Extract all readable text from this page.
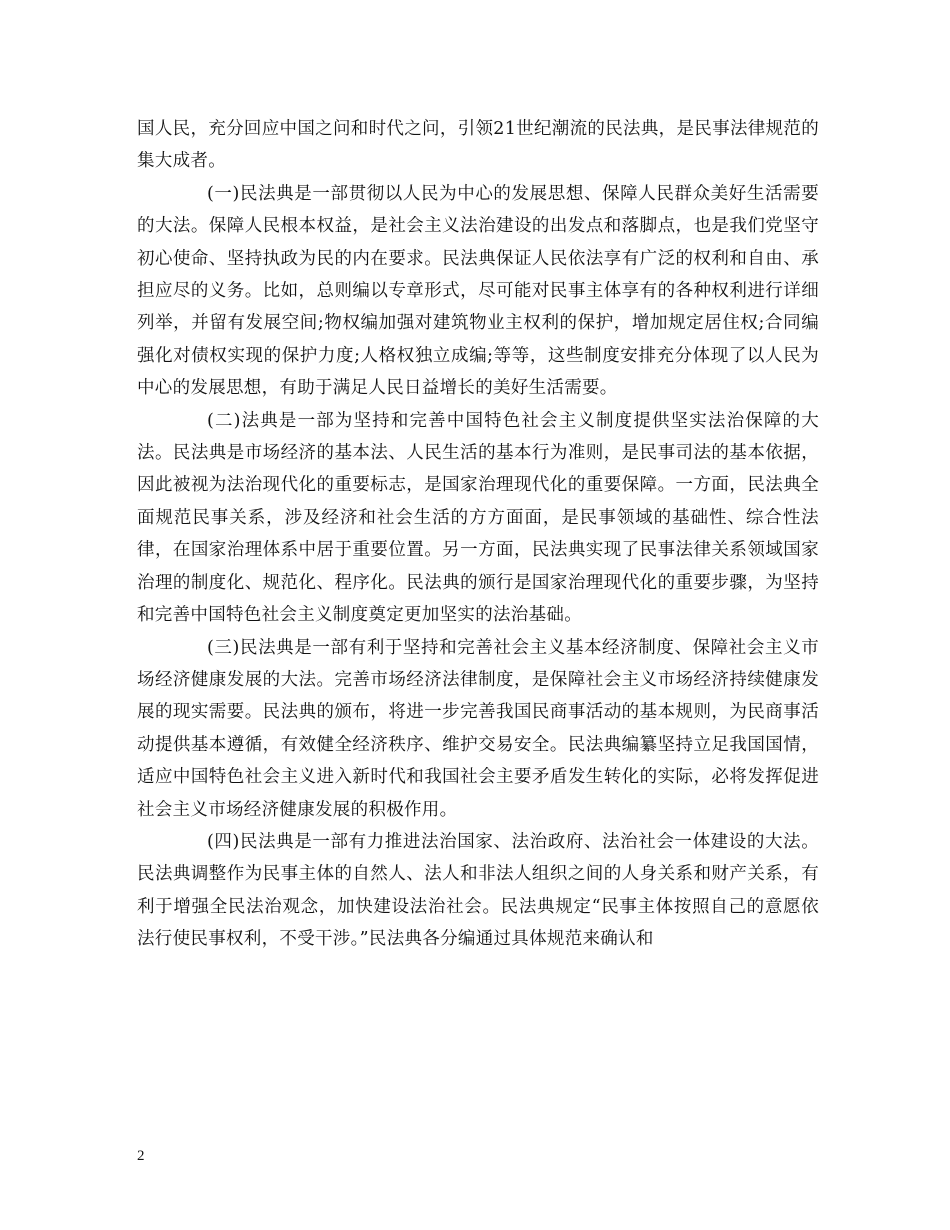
国人民，充分回应中国之问和时代之问，引领21世纪潮流的民法典，是民事法律规范的集大成者。

(一)民法典是一部贯彻以人民为中心的发展思想、保障人民群众美好生活需要的大法。保障人民根本权益，是社会主义法治建设的出发点和落脚点，也是我们党坚守初心使命、坚持执政为民的内在要求。民法典保证人民依法享有广泛的权利和自由、承担应尽的义务。比如，总则编以专章形式，尽可能对民事主体享有的各种权利进行详细列举，并留有发展空间;物权编加强对建筑物业主权利的保护，增加规定居住权;合同编强化对债权实现的保护力度;人格权独立成编;等等，这些制度安排充分体现了以人民为中心的发展思想，有助于满足人民日益增长的美好生活需要。

(二)法典是一部为坚持和完善中国特色社会主义制度提供坚实法治保障的大法。民法典是市场经济的基本法、人民生活的基本行为准则，是民事司法的基本依据，因此被视为法治现代化的重要标志，是国家治理现代化的重要保障。一方面，民法典全面规范民事关系，涉及经济和社会生活的方方面面，是民事领域的基础性、综合性法律，在国家治理体系中居于重要位置。另一方面，民法典实现了民事法律关系领域国家治理的制度化、规范化、程序化。民法典的颁行是国家治理现代化的重要步骤，为坚持和完善中国特色社会主义制度奠定更加坚实的法治基础。

(三)民法典是一部有利于坚持和完善社会主义基本经济制度、保障社会主义市场经济健康发展的大法。完善市场经济法律制度，是保障社会主义市场经济持续健康发展的现实需要。民法典的颁布，将进一步完善我国民商事活动的基本规则，为民商事活动提供基本遵循，有效健全经济秩序、维护交易安全。民法典编纂坚持立足我国国情，适应中国特色社会主义进入新时代和我国社会主要矛盾发生转化的实际，必将发挥促进社会主义市场经济健康发展的积极作用。

(四)民法典是一部有力推进法治国家、法治政府、法治社会一体建设的大法。民法典调整作为民事主体的自然人、法人和非法人组织之间的人身关系和财产关系，有利于增强全民法治观念，加快建设法治社会。民法典规定“民事主体按照自己的意愿依法行使民事权利，不受干涉。”民法典各分编通过具体规范来确认和

2
